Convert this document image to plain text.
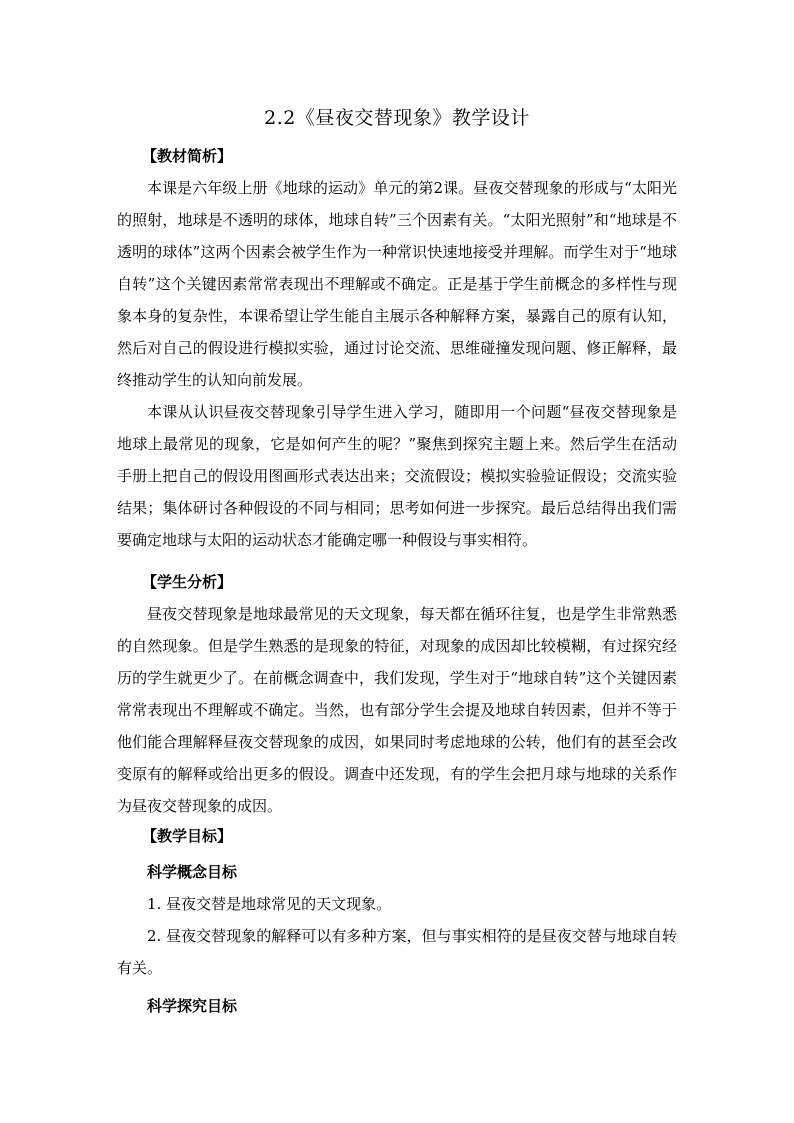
2.2《昼夜交替现象》教学设计

【教材简析】

本课是六年级上册《地球的运动》单元的第2课。昼夜交替现象的形成与“太阳光的照射，地球是不透明的球体，地球自转”三个因素有关。“太阳光照射”和“地球是不透明的球体”这两个因素会被学生作为一种常识快速地接受并理解。而学生对于“地球自转”这个关键因素常常表现出不理解或不确定。正是基于学生前概念的多样性与现象本身的复杂性，本课希望让学生能自主展示各种解释方案，暴露自己的原有认知，然后对自己的假设进行模拟实验，通过讨论交流、思维碰撞发现问题、修正解释，最终推动学生的认知向前发展。

本课从认识昼夜交替现象引导学生进入学习，随即用一个问题“昼夜交替现象是地球上最常见的现象，它是如何产生的呢？”聚焦到探究主题上来。然后学生在活动手册上把自己的假设用图画形式表达出来；交流假设；模拟实验验证假设；交流实验结果；集体研讨各种假设的不同与相同；思考如何进一步探究。最后总结得出我们需要确定地球与太阳的运动状态才能确定哪一种假设与事实相符。

【学生分析】

昼夜交替现象是地球最常见的天文现象，每天都在循环往复，也是学生非常熟悉的自然现象。但是学生熟悉的是现象的特征，对现象的成因却比较模糊，有过探究经历的学生就更少了。在前概念调查中，我们发现，学生对于“地球自转”这个关键因素常常表现出不理解或不确定。当然，也有部分学生会提及地球自转因素，但并不等于他们能合理解释昼夜交替现象的成因，如果同时考虑地球的公转，他们有的甚至会改变原有的解释或给出更多的假设。调查中还发现，有的学生会把月球与地球的关系作为昼夜交替现象的成因。

【教学目标】

科学概念目标

1. 昼夜交替是地球常见的天文现象。

2. 昼夜交替现象的解释可以有多种方案，但与事实相符的是昼夜交替与地球自转有关。

科学探究目标
